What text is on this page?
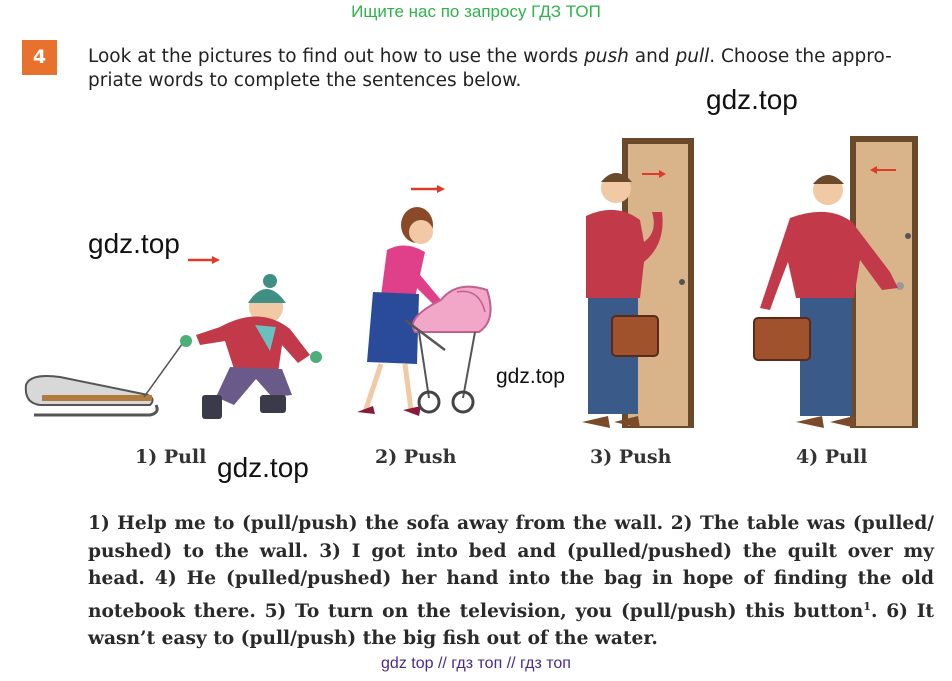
Ищите нас по запросу ГДЗ ТОП
4	Look at the pictures to find out how to use the words push and pull. Choose the appro-priate words to complete the sentences below.
1) Pull	2) Push	3) Push	4) Pull
gdz.top
gdz.top
gdz.top
gdz.top
1) Help me to (pull/push) the sofa away from the wall. 2) The table was (pulled/ pushed) to the wall. 3) I got into bed and (pulled/pushed) the quilt over my head. 4) He (pulled/pushed) her hand into the bag in hope of finding the old notebook there. 5) To turn on the television, you (pull/push) this button$^1$. 6) It wasn’t easy to (pull/push) the big fish out of the water.
gdz top // гдз топ // гдз топ
